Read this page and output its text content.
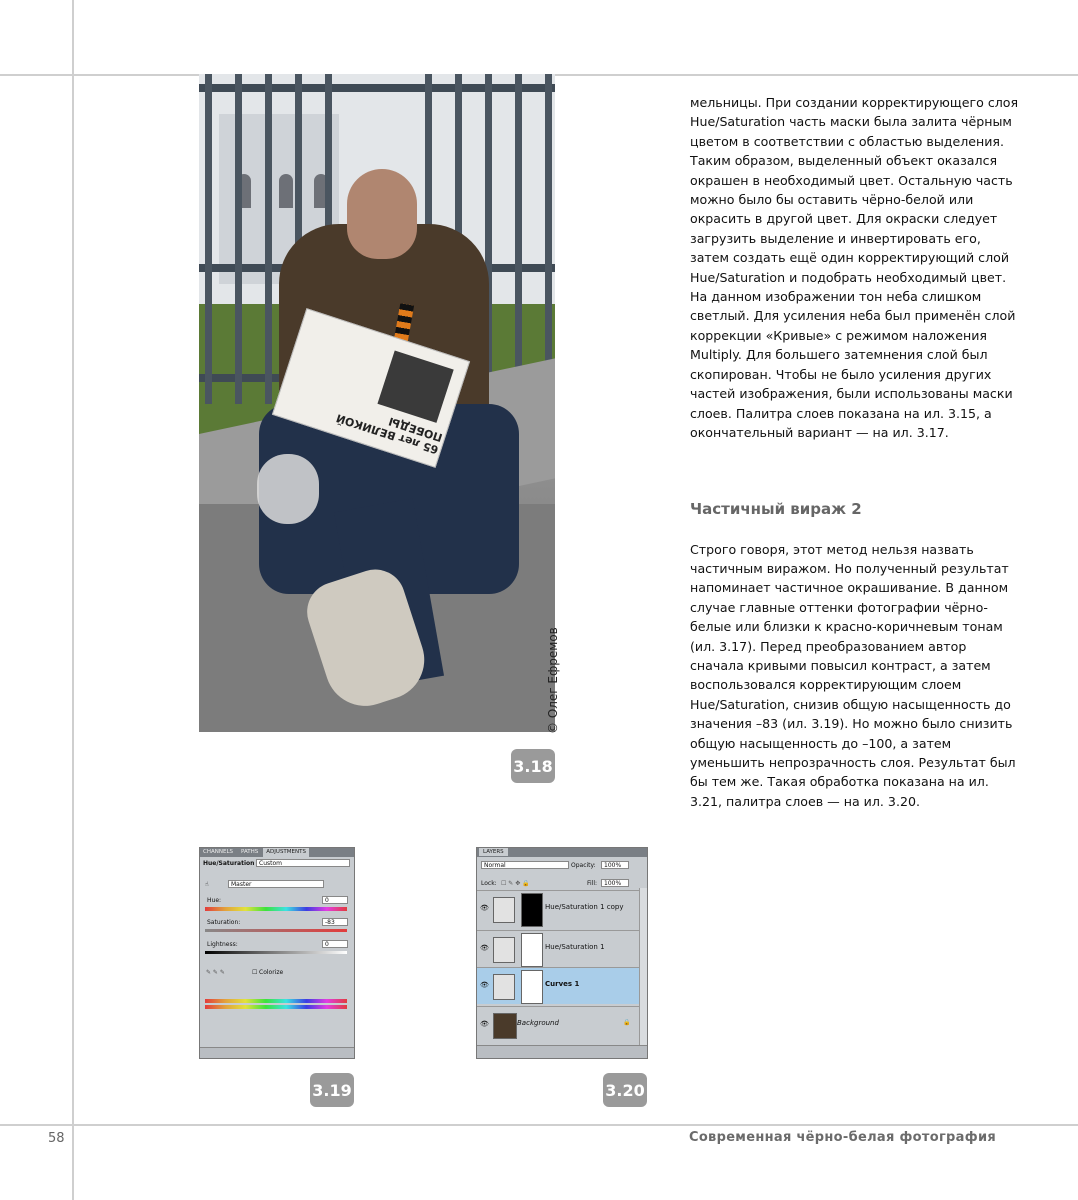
65 лет ВЕЛИКОЙ ПОБЕДЫ
© Олег Ефремов
3.18

мельницы. При создании корректирующего слоя Hue/Saturation часть маски была залита чёрным цветом в соответствии с областью выделения. Таким образом, выделенный объект оказался окрашен в необходимый цвет. Остальную часть можно было бы оставить чёрно-белой или окрасить в другой цвет. Для окраски следует загрузить выделение и инвертировать его, затем создать ещё один корректирующий слой Hue/Saturation и подобрать необходимый цвет. На данном изображении тон неба слишком светлый. Для усиления неба был применён слой коррекции «Кривые» с режимом наложения Multiply. Для большего затемнения слой был скопирован. Чтобы не было усиления других частей изображения, были использованы маски слоев. Палитра слоев показана на ил. 3.15, а окончательный вариант — на ил. 3.17.

Частичный вираж 2

Строго говоря, этот метод нельзя назвать частичным виражом. Но полученный результат напоминает частичное окрашивание. В данном случае главные оттенки фотографии чёрно-белые или близки к красно-коричневым тонам (ил. 3.17). Перед преобразованием автор сначала кривыми повысил контраст, а затем воспользовался корректирующим слоем Hue/Saturation, снизив общую насыщенность до значения –83 (ил. 3.19). Но можно было снизить общую насыщенность до –100, а затем уменьшить непрозрачность слоя. Результат был бы тем же. Такая обработка показана на ил. 3.21, палитра слоев — на ил. 3.20.

CHANNELS	PATHS	ADJUSTMENTS
Hue/Saturation Custom
☝	Master
Hue:	0
Saturation:	-83
Lightness:	0
✎ ✎ ✎	☐ Colorize
3.19
LAYERS
Normal	Opacity:	100%
Lock: ☐ ✎ ✥ 🔒	Fill:	100%
👁	Hue/Saturation 1 copy
👁	Hue/Saturation 1
👁	Curves 1
👁	Background	🔒
3.20
58	Современная чёрно-белая фотография
